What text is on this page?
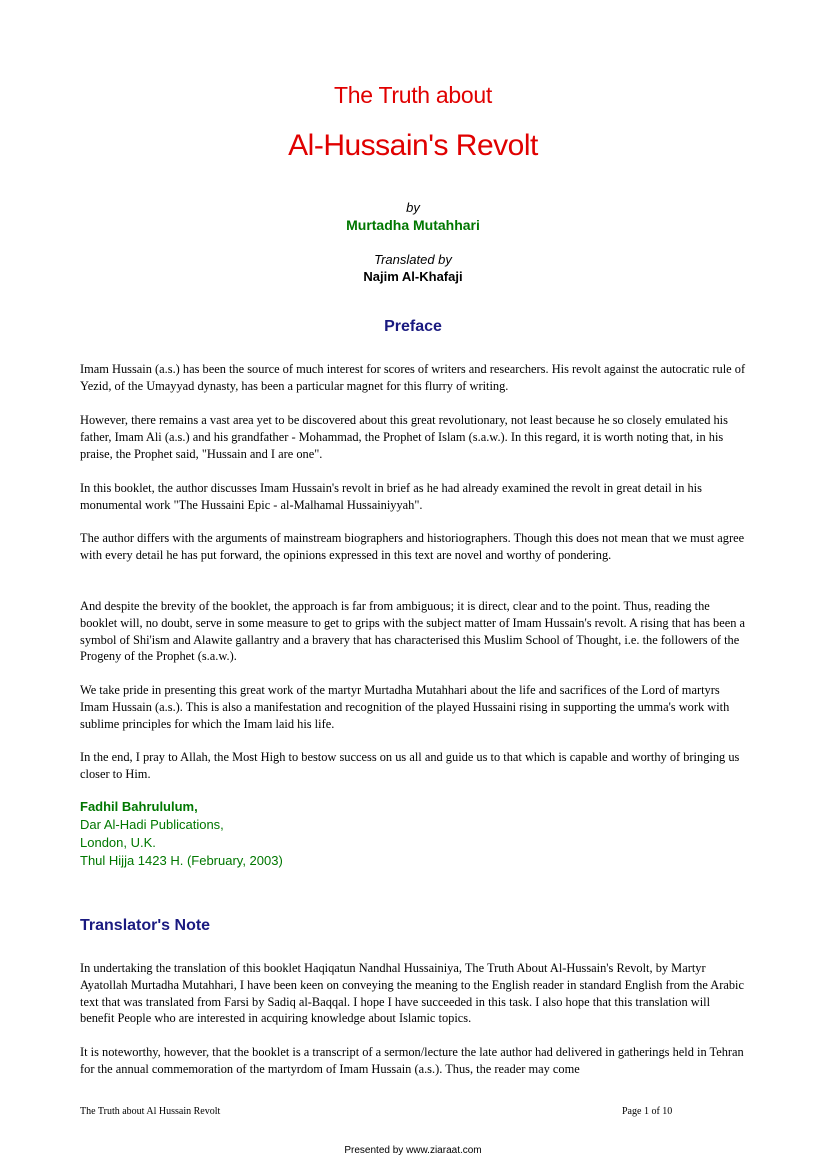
The Truth about
Al-Hussain's Revolt
by
Murtadha Mutahhari
Translated by
Najim Al-Khafaji
Preface

Imam Hussain (a.s.) has been the source of much interest for scores of writers and researchers. His revolt against the autocratic rule of Yezid, of the Umayyad dynasty, has been a particular magnet for this flurry of writing.

However, there remains a vast area yet to be discovered about this great revolutionary, not least because he so closely emulated his father, Imam Ali (a.s.) and his grandfather - Mohammad, the Prophet of Islam (s.a.w.). In this regard, it is worth noting that, in his praise, the Prophet said, "Hussain and I are one".

In this booklet, the author discusses Imam Hussain's revolt in brief as he had already examined the revolt in great detail in his monumental work "The Hussaini Epic - al-Malhamal Hussainiyyah".

The author differs with the arguments of mainstream biographers and historiographers. Though this does not mean that we must agree with every detail he has put forward, the opinions expressed in this text are novel and worthy of pondering.

And despite the brevity of the booklet, the approach is far from ambiguous; it is direct, clear and to the point. Thus, reading the booklet will, no doubt, serve in some measure to get to grips with the subject matter of Imam Hussain's revolt. A rising that has been a symbol of Shi'ism and Alawite gallantry and a bravery that has characterised this Muslim School of Thought, i.e. the followers of the Progeny of the Prophet (s.a.w.).

We take pride in presenting this great work of the martyr Murtadha Mutahhari about the life and sacrifices of the Lord of martyrs Imam Hussain (a.s.). This is also a manifestation and recognition of the played Hussaini rising in supporting the umma's work with sublime principles for which the Imam laid his life.

In the end, I pray to Allah, the Most High to bestow success on us all and guide us to that which is capable and worthy of bringing us closer to Him.

Fadhil Bahrululum,
Dar Al-Hadi Publications,
London, U.K.
Thul Hijja 1423 H. (February, 2003)
Translator's Note

In undertaking the translation of this booklet Haqiqatun Nandhal Hussainiya, The Truth About Al-Hussain's Revolt, by Martyr Ayatollah Murtadha Mutahhari, I have been keen on conveying the meaning to the English reader in standard English from the Arabic text that was translated from Farsi by Sadiq al-Baqqal. I hope I have succeeded in this task. I also hope that this translation will benefit People who are interested in acquiring knowledge about Islamic topics.

It is noteworthy, however, that the booklet is a transcript of a sermon/lecture the late author had delivered in gatherings held in Tehran for the annual commemoration of the martyrdom of Imam Hussain (a.s.). Thus, the reader may come

The Truth about Al Hussain Revolt	Page 1 of 10
Presented by www.ziaraat.com
